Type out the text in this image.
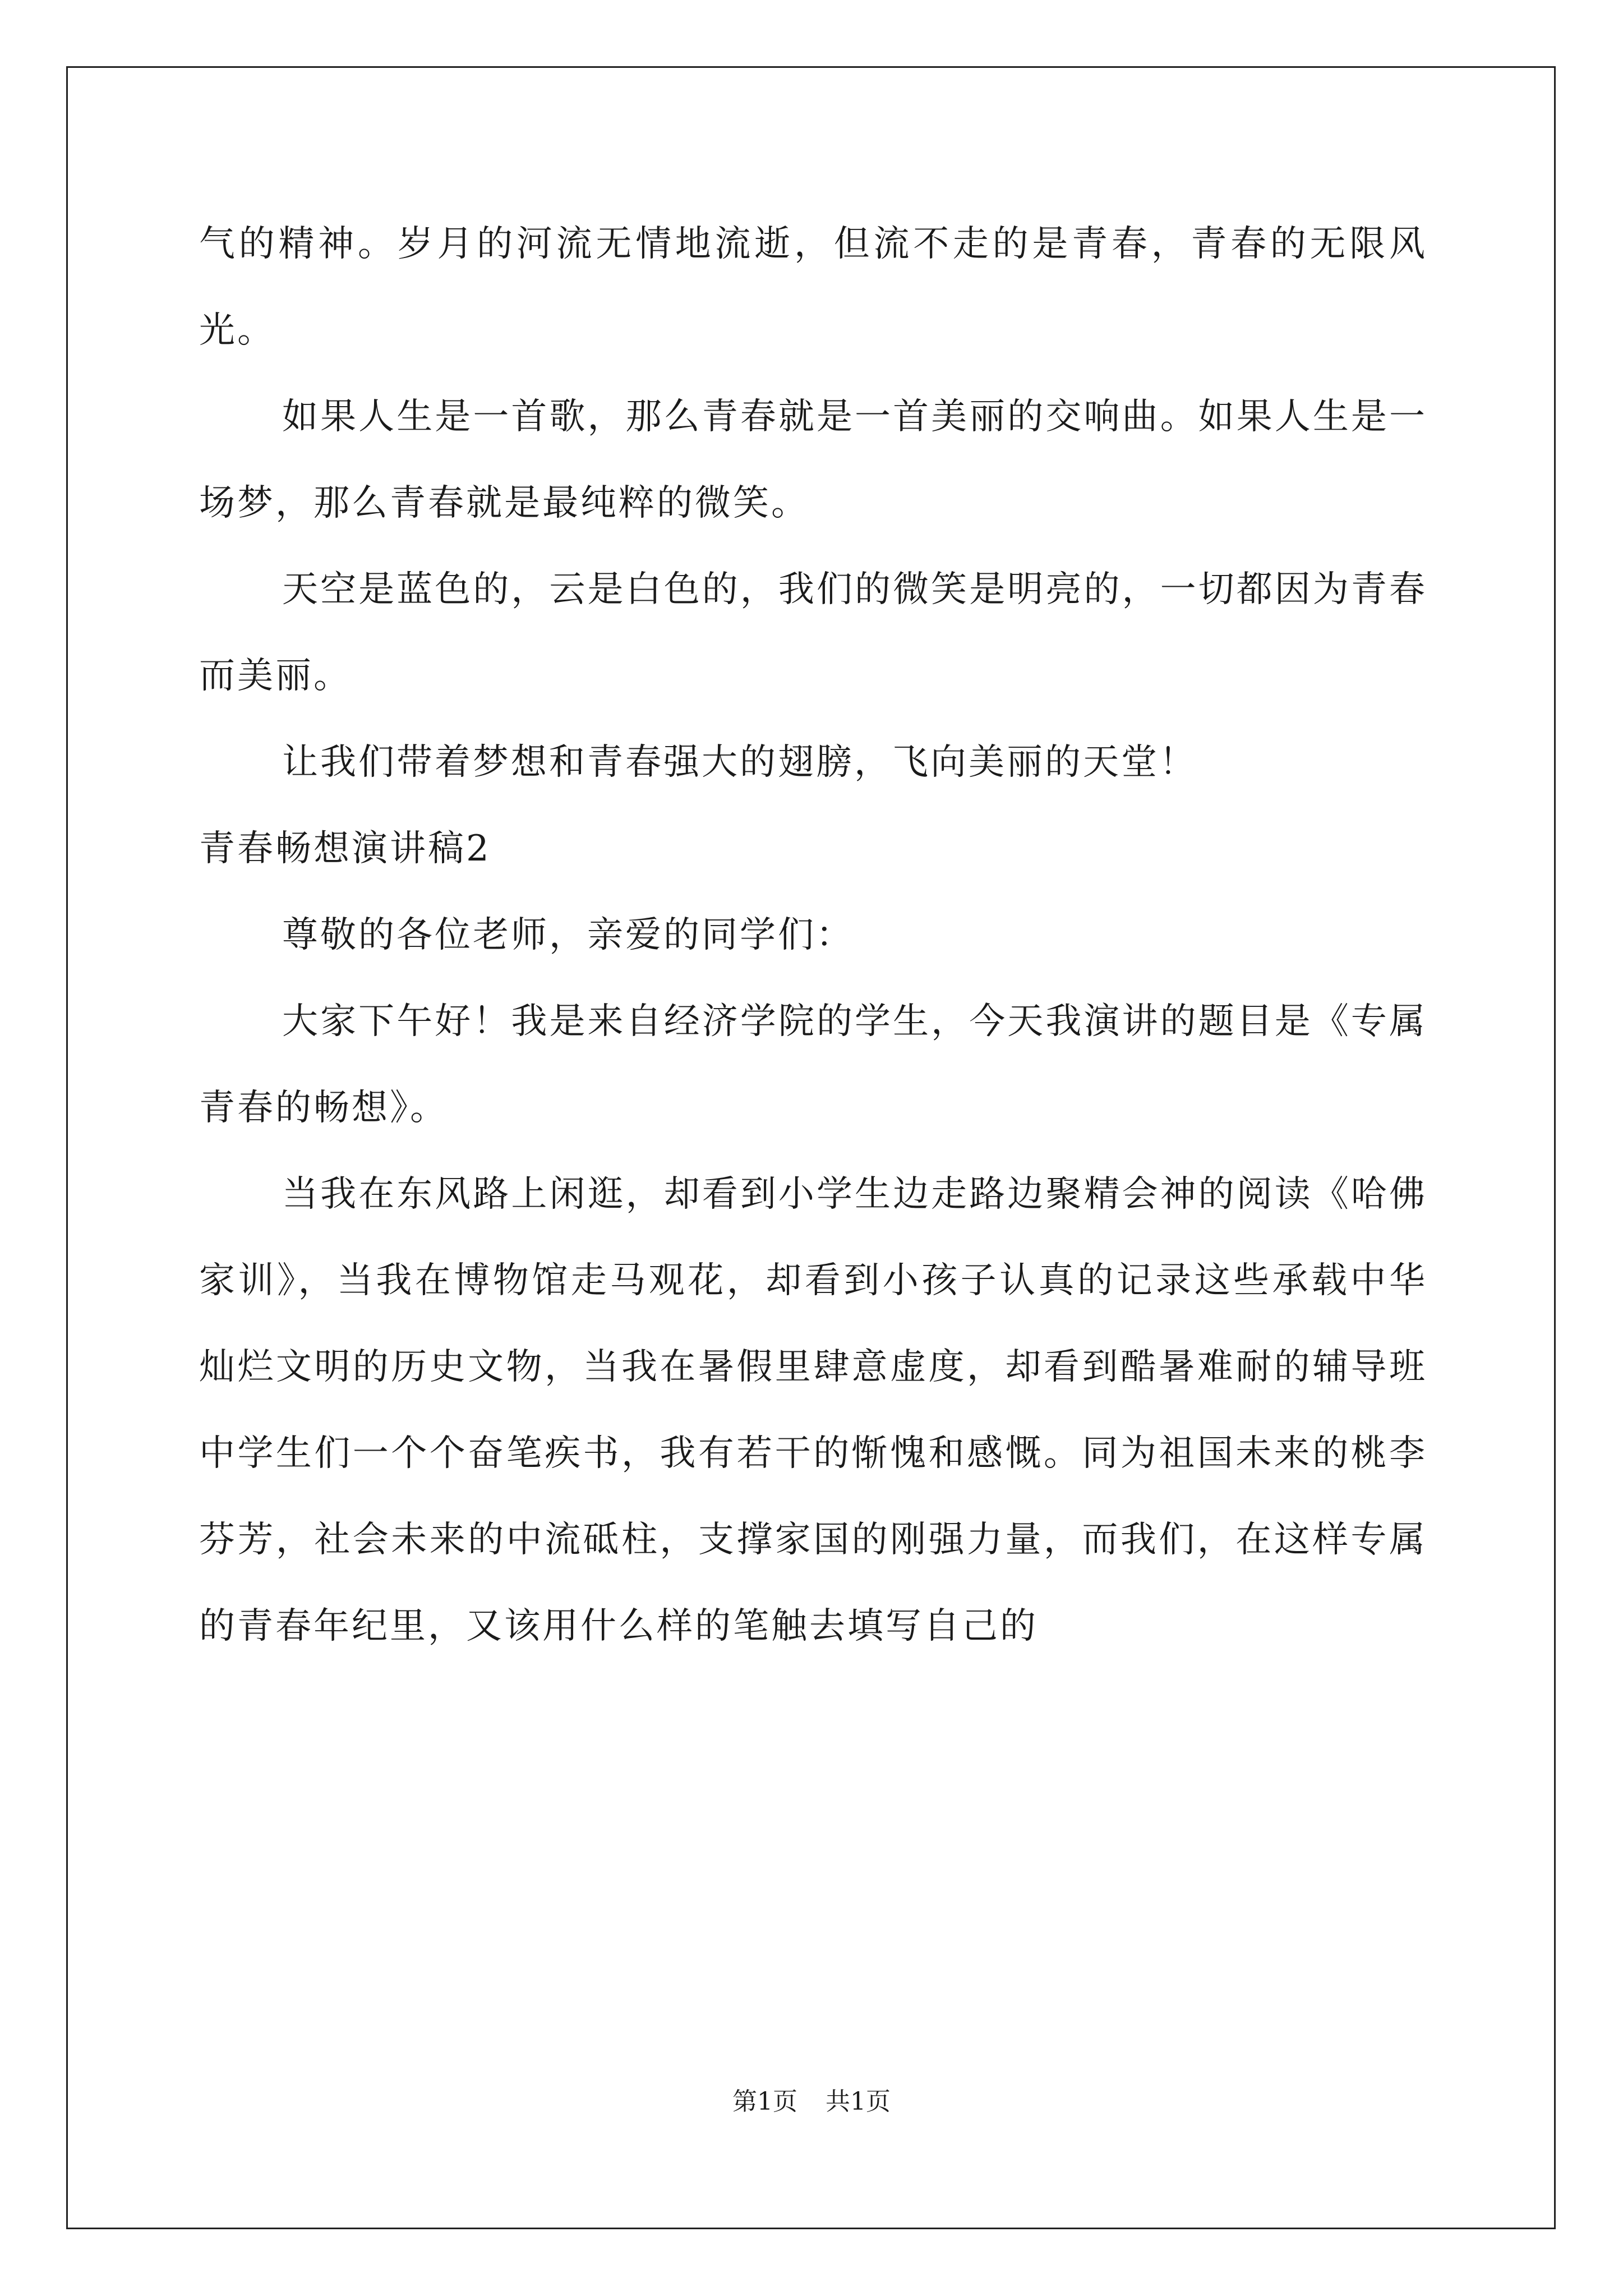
气的精神。岁月的河流无情地流逝，但流不走的是青春，青春的无限风光。

如果人生是一首歌，那么青春就是一首美丽的交响曲。如果人生是一场梦，那么青春就是最纯粹的微笑。

天空是蓝色的，云是白色的，我们的微笑是明亮的，一切都因为青春而美丽。

让我们带着梦想和青春强大的翅膀，飞向美丽的天堂！

青春畅想演讲稿2

尊敬的各位老师，亲爱的同学们：

大家下午好！我是来自经济学院的学生，今天我演讲的题目是《专属青春的畅想》。

当我在东风路上闲逛，却看到小学生边走路边聚精会神的阅读《哈佛家训》，当我在博物馆走马观花，却看到小孩子认真的记录这些承载中华灿烂文明的历史文物，当我在暑假里肆意虚度，却看到酷暑难耐的辅导班中学生们一个个奋笔疾书，我有若干的惭愧和感慨。同为祖国未来的桃李芬芳，社会未来的中流砥柱，支撑家国的刚强力量，而我们，在这样专属的青春年纪里，又该用什么样的笔触去填写自己的

第1页 共1页
